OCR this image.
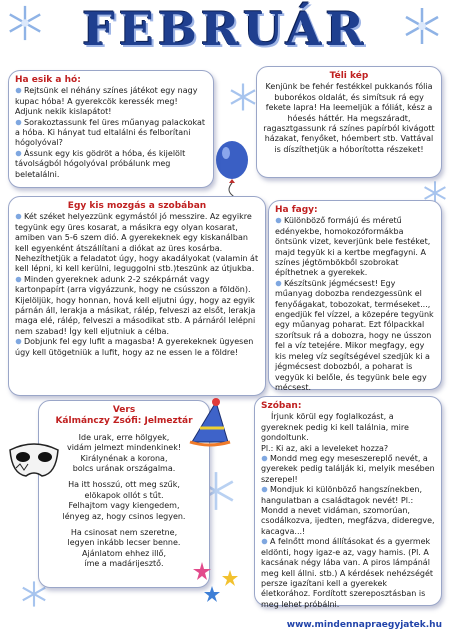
FEBRUÁR
Ha esik a hó:

Rejtsünk el néhány színes játékot egy nagy kupac hóba! A gyerekcök keressék meg! Adjunk nekik kislapátot!

Sorakoztassunk fel üres műanyag palackokat a hóba. Ki hányat tud eltalálni és felborítani hógolyóval?

Ássunk egy kis gödröt a hóba, és kijelölt távolságból hógolyóval próbálunk meg beletalálni.

Téli kép

Kenjünk be fehér festékkel pukkanós fólia buborékos oldalát, és simítsuk rá egy fekete lapra! Ha leemeljük a fóliát, kész a hóesés háttér. Ha megszáradt, ragasztgassunk rá színes papírból kivágott házakat, fenyőket, hóembert stb. Vattával is díszíthetjük a hóborította részeket!

Egy kis mozgás a szobában

Két széket helyezzünk egymástól jó messzire. Az egyikre tegyünk egy üres kosarat, a másikra egy olyan kosarat, amiben van 5-6 szem dió. A gyerekeknek egy kiskanálban kell egyenként átszállítani a diókat az üres kosárba. Nehezíthetjük a feladatot úgy, hogy akadályokat (valamin át kell lépni, ki kell kerülni, leguggolni stb.)teszünk az útjukba.

Minden gyereknek adunk 2-2 székpárnát vagy kartonpapírt (arra vigyázzunk, hogy ne csússzon a földön). Kijelöljük, hogy honnan, hová kell eljutni úgy, hogy az egyik párnán áll, lerakja a másikat, rálép, felveszi az elsőt, lerakja maga elé, rálép, felveszi a másodikat stb. A párnáról lelépni nem szabad! Így kell eljutniuk a célba.

Dobjunk fel egy lufit a magasba! A gyerekeknek ügyesen úgy kell ütögetniük a lufit, hogy az ne essen le a földre!

Ha fagy:

Különböző formájú és méretű edényekbe, homokozóformákba öntsünk vizet, keverjünk bele festéket, majd tegyük ki a kertbe megfagyni. A színes jégtömbökből szobrokat építhetnek a gyerekek.

Készítsünk jégmécsest! Egy műanyag dobozba rendezgessünk el fenyőágakat, tobozokat, terméseket..., engedjük fel vízzel, a közepére tegyünk egy műanyag poharat. Ezt fólpackkal szorítsuk rá a dobozra, hogy ne ússzon fel a víz tetejére. Mikor megfagy, egy kis meleg víz segítségével szedjük ki a jégmécsest dobozból, a poharat is vegyük ki belőle, és tegyünk bele egy mécsest.

Vers
Kálmánczy Zsófi: Jelmeztár
Ide urak, erre hölgyek,
vidám jelmezt mindenkinek!
Királynénak a korona,
bolcs urának országalma.
Ha itt hosszú, ott meg szűk,
elökapok ollót s tűt.
Felhajtom vagy kiengedem,
lényeg az, hogy csinos legyen.
Ha csinosat nem szeretne,
legyen inkább lecser benne.
Ajánlatom ehhez illő,
íme a madárijesztő.
Szóban:

Írjunk körül egy foglalkozást, a gyereknek pedig ki kell találnia, mire gondoltunk.

Pl.: Ki az, aki a leveleket hozza?

Mondd meg egy meseszereplő nevét, a gyerekek pedig találják ki, melyik mesében szerepel!

Mondjuk ki különböző hangszínekben, hangulatban a családtagok nevét! Pl.: Mondd a nevet vidáman, szomorúan, csodálkozva, ijedten, megfázva, dideregve, kacagva...!

A felnőtt mond állításokat és a gyermek eldönti, hogy igaz-e az, vagy hamis. (Pl. A kacsának négy lába van. A piros lámpánál meg kell állni. stb.) A kérdések nehézségét persze igazítani kell a gyerekek életkorához. Fordított szereposztásban is meg lehet próbálni.

www.mindennapraegyjatek.hu
